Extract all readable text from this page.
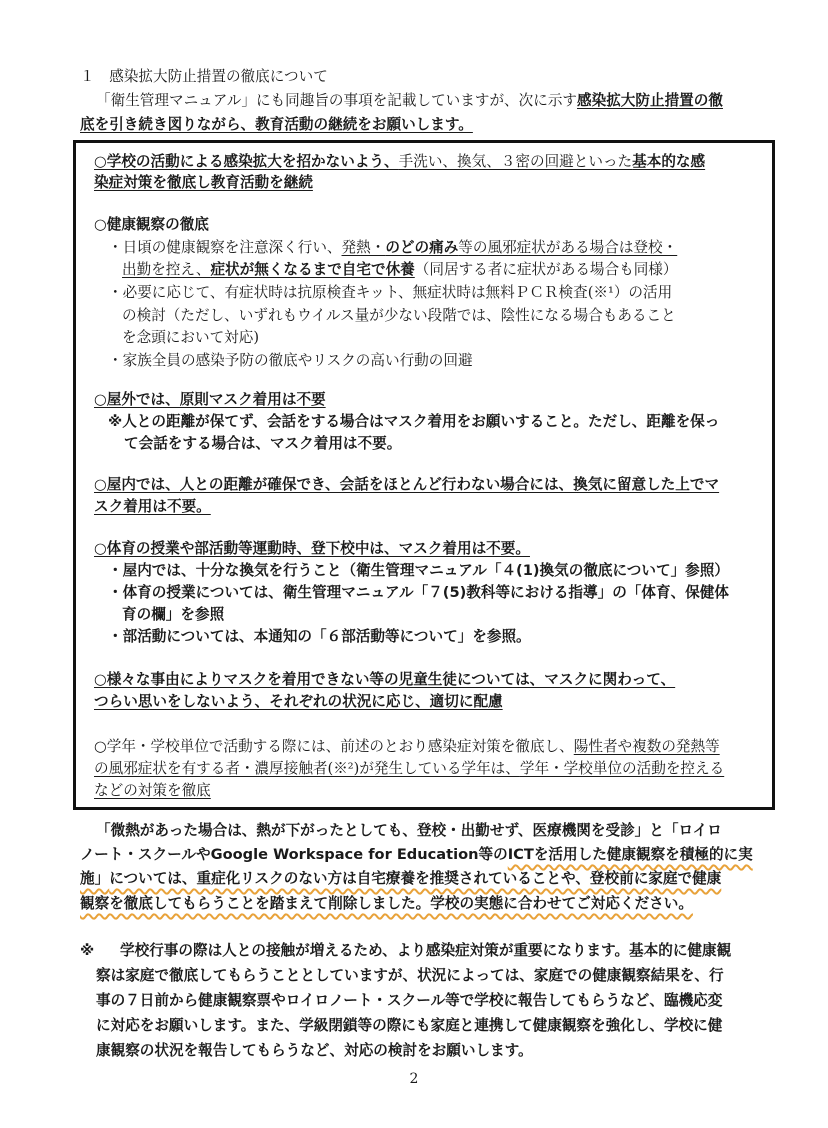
１　感染拡大防止措置の徹底について
「衛生管理マニュアル」にも同趣旨の事項を記載していますが、次に示す感染拡大防止措置の徹
底を引き続き図りながら、教育活動の継続をお願いします。
○学校の活動による感染拡大を招かないよう、手洗い、換気、３密の回避といった基本的な感
染症対策を徹底し教育活動を継続
○健康観察の徹底
・日頃の健康観察を注意深く行い、発熱・のどの痛み等の風邪症状がある場合は登校・
出勤を控え、症状が無くなるまで自宅で休養（同居する者に症状がある場合も同様）
・必要に応じて、有症状時は抗原検査キット、無症状時は無料ＰＣＲ検査(※¹）の活用
の検討（ただし、いずれもウイルス量が少ない段階では、陰性になる場合もあること
を念頭において対応)
・家族全員の感染予防の徹底やリスクの高い行動の回避
○屋外では、原則マスク着用は不要
※人との距離が保てず、会話をする場合はマスク着用をお願いすること。ただし、距離を保っ
て会話をする場合は、マスク着用は不要。
○屋内では、人との距離が確保でき、会話をほとんど行わない場合には、換気に留意した上でマ
スク着用は不要。
○体育の授業や部活動等運動時、登下校中は、マスク着用は不要。
・屋内では、十分な換気を行うこと（衛生管理マニュアル「４(1)換気の徹底について」参照）
・体育の授業については、衛生管理マニュアル「７(5)教科等における指導」の「体育、保健体
育の欄」を参照
・部活動については、本通知の「６部活動等について」を参照。
○様々な事由によりマスクを着用できない等の児童生徒については、マスクに関わって、
つらい思いをしないよう、それぞれの状況に応じ、適切に配慮
○学年・学校単位で活動する際には、前述のとおり感染症対策を徹底し、陽性者や複数の発熱等
の風邪症状を有する者・濃厚接触者(※²)が発生している学年は、学年・学校単位の活動を控える
などの対策を徹底
「微熱があった場合は、熱が下がったとしても、登校・出勤せず、医療機関を受診」と「ロイロ
ノート・スクールやGoogle Workspace for Education等のICTを活用した健康観察を積極的に実
施」については、重症化リスクのない方は自宅療養を推奨されていることや、登校前に家庭で健康
観察を徹底してもらうことを踏まえて削除しました。学校の実態に合わせてご対応ください。
※ 学校行事の際は人との接触が増えるため、より感染症対策が重要になります。基本的に健康観
察は家庭で徹底してもらうこととしていますが、状況によっては、家庭での健康観察結果を、行
事の７日前から健康観察票やロイロノート・スクール等で学校に報告してもらうなど、臨機応変
に対応をお願いします。また、学級閉鎖等の際にも家庭と連携して健康観察を強化し、学校に健
康観察の状況を報告してもらうなど、対応の検討をお願いします。
2
